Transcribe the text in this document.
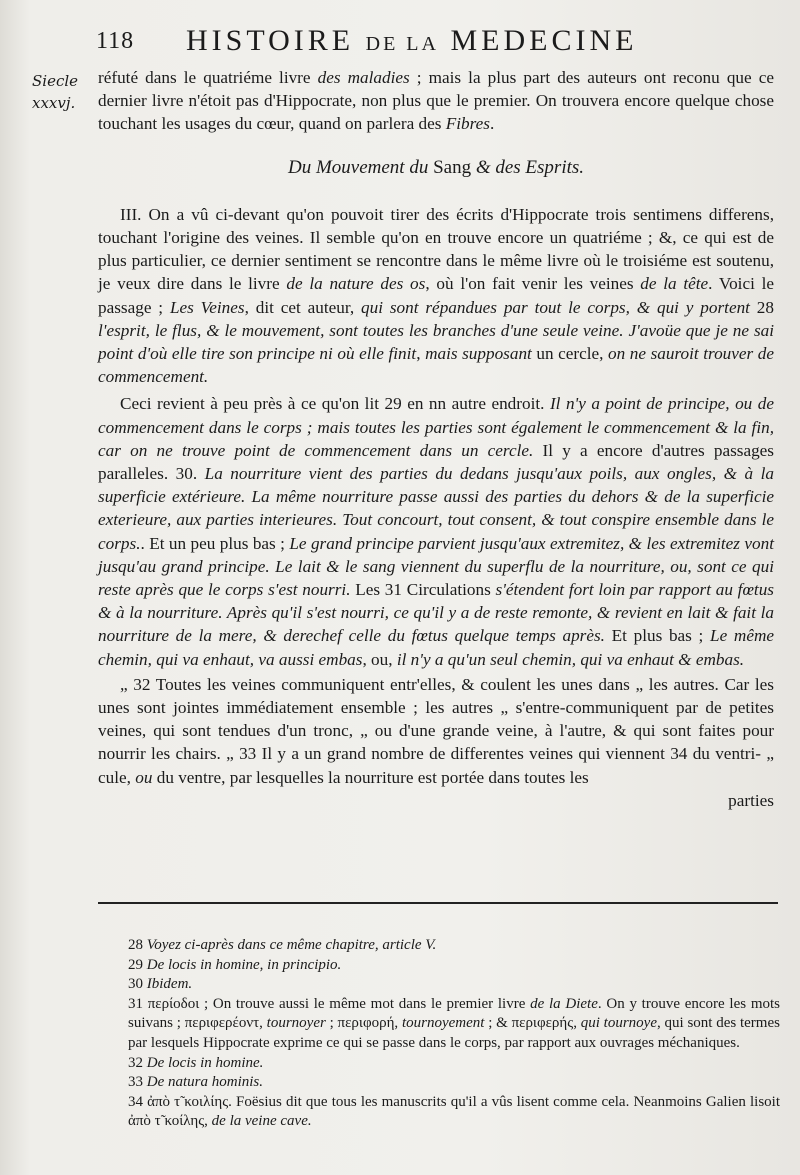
118 HISTOIRE DE LA MEDECINE
Siecle
xxxvj.

réfuté dans le quatriéme livre des maladies ; mais la plus part des auteurs ont reconu que ce dernier livre n'étoit pas d'Hippocrate, non plus que le premier. On trouvera encore quelque chose touchant les usages du cœur, quand on parlera des Fibres.

Du Mouvement du Sang & des Esprits.

III. On a vû ci-devant qu'on pouvoit tirer des écrits d'Hippocrate trois sentimens differens, touchant l'origine des veines. Il semble qu'on en trouve encore un quatriéme ; &, ce qui est de plus particulier, ce dernier sentiment se rencontre dans le même livre où le troisiéme est soutenu, je veux dire dans le livre de la nature des os, où l'on fait venir les veines de la tête. Voici le passage ; Les Veines, dit cet auteur, qui sont répandues par tout le corps, & qui y portent 28 l'esprit, le flus, & le mouvement, sont toutes les branches d'une seule veine. J'avoüe que je ne sai point d'où elle tire son principe ni où elle finit, mais supposant un cercle, on ne sauroit trouver de commencement.

Ceci revient à peu près à ce qu'on lit 29 en nn autre endroit. Il n'y a point de principe, ou de commencement dans le corps ; mais toutes les parties sont également le commencement & la fin, car on ne trouve point de commencement dans un cercle. Il y a encore d'autres passages paralleles. 30. La nourriture vient des parties du dedans jusqu'aux poils, aux ongles, & à la superficie extérieure. La même nourriture passe aussi des parties du dehors & de la superficie exterieure, aux parties interieures. Tout concourt, tout consent, & tout conspire ensemble dans le corps.. Et un peu plus bas ; Le grand principe parvient jusqu'aux extremitez, & les extremitez vont jusqu'au grand principe. Le lait & le sang viennent du superflu de la nourriture, ou, sont ce qui reste après que le corps s'est nourri. Les 31 Circulations s'étendent fort loin par rapport au fœtus & à la nourriture. Après qu'il s'est nourri, ce qu'il y a de reste remonte, & revient en lait & fait la nourriture de la mere, & derechef celle du fœtus quelque temps après. Et plus bas ; Le même chemin, qui va enhaut, va aussi embas, ou, il n'y a qu'un seul chemin, qui va enhaut & embas.

„ 32 Toutes les veines communiquent entr'elles, & coulent les unes dans „ les autres. Car les unes sont jointes immédiatement ensemble ; les autres „ s'entre-communiquent par de petites veines, qui sont tendues d'un tronc, „ ou d'une grande veine, à l'autre, & qui sont faites pour nourrir les chairs. „ 33 Il y a un grand nombre de differentes veines qui viennent 34 du ventri- „ cule, ou du ventre, par lesquelles la nourriture est portée dans toutes les

parties

28 Voyez ci-après dans ce même chapitre, article V.

29 De locis in homine, in principio.

30 Ibidem.

31 περίοδοι ; On trouve aussi le même mot dans le premier livre de la Diete. On y trouve encore les mots suivans ; περιφερέοντ, tournoyer ; περιφορή, tournoyement ; & περιφερής, qui tournoye, qui sont des termes par lesquels Hippocrate exprime ce qui se passe dans le corps, par rapport aux ouvrages méchaniques.

32 De locis in homine.

33 De natura hominis.

34 ἀπὸ τ̃ κοιλίης. Foësius dit que tous les manuscrits qu'il a vûs lisent comme cela. Neanmoins Galien lisoit ἀπὸ τ̃ κοίλης, de la veine cave.
